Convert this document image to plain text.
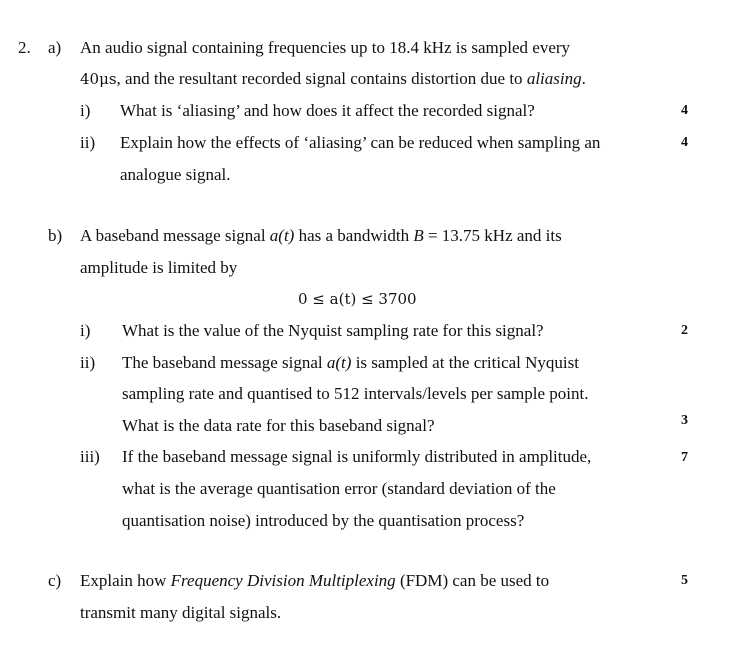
2. a) An audio signal containing frequencies up to 18.4 kHz is sampled every
40μs, and the resultant recorded signal contains distortion due to aliasing.
i) What is ‘aliasing’ and how does it affect the recorded signal?	4
ii) Explain how the effects of ‘aliasing’ can be reduced when sampling an	4
analogue signal.
b) A baseband message signal a(t) has a bandwidth B = 13.75 kHz and its
amplitude is limited by
0 ≤ a(t) ≤ 3700
i) What is the value of the Nyquist sampling rate for this signal?	2
ii) The baseband message signal a(t) is sampled at the critical Nyquist
sampling rate and quantised to 512 intervals/levels per sample point.
What is the data rate for this baseband signal?	3
iii) If the baseband message signal is uniformly distributed in amplitude,	7
what is the average quantisation error (standard deviation of the
quantisation noise) introduced by the quantisation process?
c) Explain how Frequency Division Multiplexing (FDM) can be used to	5
transmit many digital signals.
